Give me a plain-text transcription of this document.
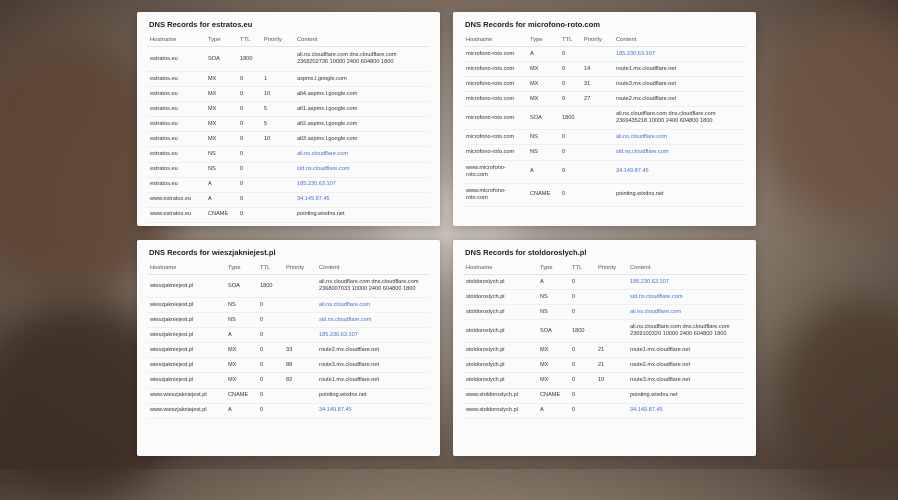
DNS Records for estratos.eu
Hostname	Type	TTL	Priority	Content
estratos.eu	SOA	1800		ali.ns.cloudflare.com dns.cloudflare.com 2368202736 10000 2400 604800 1800
estratos.eu	MX	0	1	aspmx.l.google.com
estratos.eu	MX	0	10	alt4.aspmx.l.google.com
estratos.eu	MX	0	5	alt1.aspmx.l.google.com
estratos.eu	MX	0	5	alt2.aspmx.l.google.com
estratos.eu	MX	0	10	alt3.aspmx.l.google.com
estratos.eu	NS	0		ali.ns.cloudflare.com
estratos.eu	NS	0		sid.ns.cloudflare.com
estratos.eu	A	0		185.230.63.107
www.estratos.eu	A	0		34.149.87.45
www.estratos.eu	CNAME	0		pointing.wixdns.net
DNS Records for microfono-roto.com
Hostname	Type	TTL	Priority	Content
microfono-roto.com	A	0		185.230.63.107
microfono-roto.com	MX	0	14	route1.mx.cloudflare.net
microfono-roto.com	MX	0	31	route3.mx.cloudflare.net
microfono-roto.com	MX	0	27	route2.mx.cloudflare.net
microfono-roto.com	SOA	1800		ali.ns.cloudflare.com dns.cloudflare.com 2369435218 10000 2400 604800 1800
microfono-roto.com	NS	0		ali.ns.cloudflare.com
microfono-roto.com	NS	0		sid.ns.cloudflare.com
www.microfono-roto.com	A	0		34.149.87.45
www.microfono-roto.com	CNAME	0		pointing.wixdns.net
DNS Records for wieszjakniejest.pl
Hostname	Type	TTL	Priority	Content
wieszjakniejest.pl	SOA	1800		ali.ns.cloudflare.com dns.cloudflare.com 2368007033 10000 2400 604800 1800
wieszjakniejest.pl	NS	0		ali.ns.cloudflare.com
wieszjakniejest.pl	NS	0		sid.ns.cloudflare.com
wieszjakniejest.pl	A	0		185.230.63.107
wieszjakniejest.pl	MX	0	33	route2.mx.cloudflare.net
wieszjakniejest.pl	MX	0	88	route3.mx.cloudflare.net
wieszjakniejest.pl	MX	0	82	route1.mx.cloudflare.net
www.wieszjakniejest.pl	CNAME	0		pointing.wixdns.net
www.wieszjakniejest.pl	A	0		34.149.87.45
DNS Records for stoldoroslych.pl
Hostname	Type	TTL	Priority	Content
stoldoroslych.pl	A	0		185.230.63.107
stoldoroslych.pl	NS	0		sid.ns.cloudflare.com
stoldoroslych.pl	NS	0		ali.ns.cloudflare.com
stoldoroslych.pl	SOA	1800		ali.ns.cloudflare.com dns.cloudflare.com 2369100320 10000 2400 604800 1800
stoldoroslych.pl	MX	0	21	route1.mx.cloudflare.net
stoldoroslych.pl	MX	0	21	route2.mx.cloudflare.net
stoldoroslych.pl	MX	0	10	route3.mx.cloudflare.net
www.stoldoroslych.pl	CNAME	0		pointing.wixdns.net
www.stoldoroslych.pl	A	0		34.149.87.45
